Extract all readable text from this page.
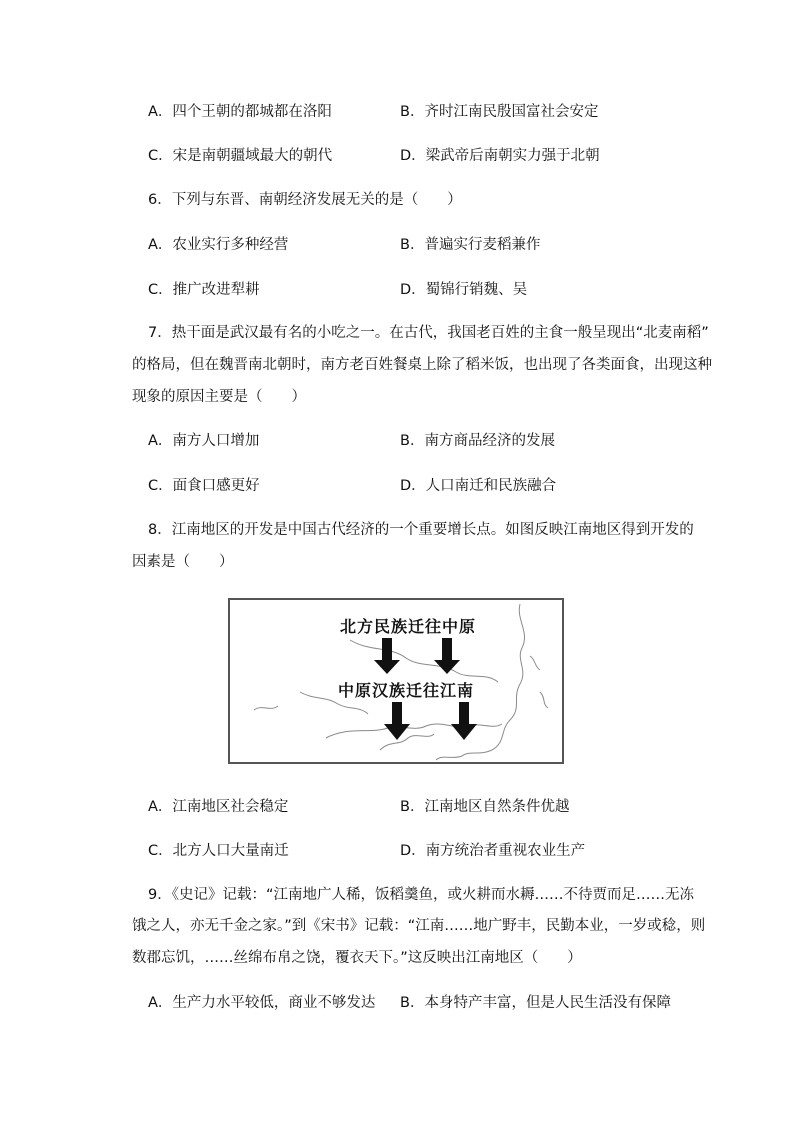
A．四个王朝的都城都在洛阳	B．齐时江南民殷国富社会安定
C．宋是南朝疆域最大的朝代	D．梁武帝后南朝实力强于北朝
6．下列与东晋、南朝经济发展无关的是（　　）
A．农业实行多种经营	B．普遍实行麦稻兼作
C．推广改进犁耕	D．蜀锦行销魏、吴
7．热干面是武汉最有名的小吃之一。在古代，我国老百姓的主食一般呈现出“北麦南稻”
的格局，但在魏晋南北朝时，南方老百姓餐桌上除了稻米饭，也出现了各类面食，出现这种
现象的原因主要是（　　）
A．南方人口增加	B．南方商品经济的发展
C．面食口感更好	D．人口南迁和民族融合
8．江南地区的开发是中国古代经济的一个重要增长点。如图反映江南地区得到开发的
因素是（　　）
北方民族迁往中原
中原汉族迁往江南
A．江南地区社会稳定	B．江南地区自然条件优越
C．北方人口大量南迁	D．南方统治者重视农业生产
9．《史记》记载：“江南地广人稀，饭稻羹鱼，或火耕而水耨……不待贾而足……无冻
饿之人，亦无千金之家。”到《宋书》记载：“江南……地广野丰，民勤本业，一岁或稔，则
数郡忘饥，……丝绵布帛之饶，覆衣天下。”这反映出江南地区（　　）
A．生产力水平较低，商业不够发达 B．本身特产丰富，但是人民生活没有保障
